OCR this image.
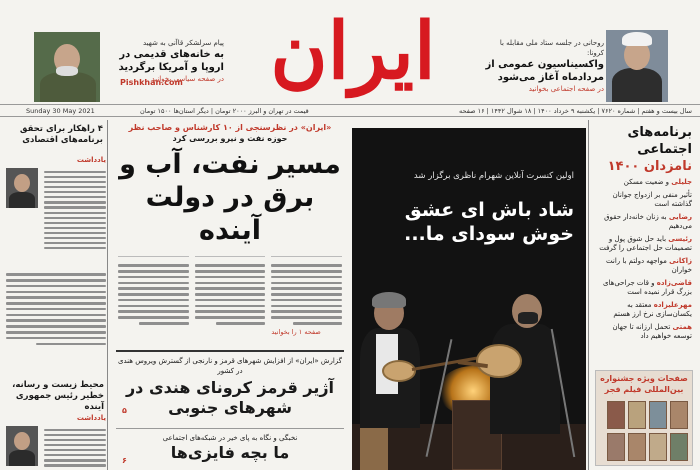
ایران	روحانی در جلسه ستاد ملی مقابله با کرونا:
واکسیناسیون عمومی از مردادماه آغاز می‌شود
در صفحه اجتماعی بخوانید
پیام سرلشکر قاآنی به شهید
به خانه‌های قدیمی در اروپا و آمریکا برگردید
در صفحه سیاسی بخوانید
Pishkhan.com
Sunday 30 May 2021	قیمت در تهران و البرز ۲۰۰۰ تومان | دیگر استان‌ها ۱۵۰۰ تومان	سال بیست و هفتم | شماره ۷۶۲۰ | یکشنبه ۹ خرداد ۱۴۰۰ | ۱۸ شوال ۱۴۴۲ | ۱۶ صفحه
برنامه‌های اجتماعی
نامزدان ۱۴۰۰
جلیلی و ضعیت مسکن
تأثیر منفی بر ازدواج جوانان گذاشته است
رضایی به زنان خانه‌دار حقوق می‌دهیم
رئیسی باید حل شوق پول و تصمیمات حل اجتماعی را گرفت
زاکانی مواجهه دولتم با رانت خواران
قاضی‌زاده و قات جراحی‌های بزرگ قرار نمیده است
مهرعلیزاده معتقد به یکسان‌سازی نرخ ارز هستم
همتی تحمل ارزانه تا جهان توسعه خواهیم داد
صفحات ویژه جشنواره بین‌المللی فیلم فجر
اولین کنسرت آنلاین شهرام ناظری برگزار شد
شاد باش ای عشق خوش سودای ما...
«ایران» در نظرسنجی از ۱۰ کارشناس و صاحب نظر
حوزه نفت و نیرو بررسی کرد
مسیر نفت، آب و برق در دولت آینده
صفحه ۱ را بخوانید
گزارش «ایران» از افزایش شهرهای قرمز و نارنجی از گسترش ویروس هندی در کشور
آژیر قرمز کرونای هندی در شهرهای جنوبی
۵
نخبگی و نگاه به پای خیر در شبکه‌های اجتماعی
ما بچه فایزی‌ها
۶
۴ راهکار برای تحقق برنامه‌های اقتصادی
یادداشت
محیط زیست و رسانه، خطیر رئیس جمهوری آینده
یادداشت
